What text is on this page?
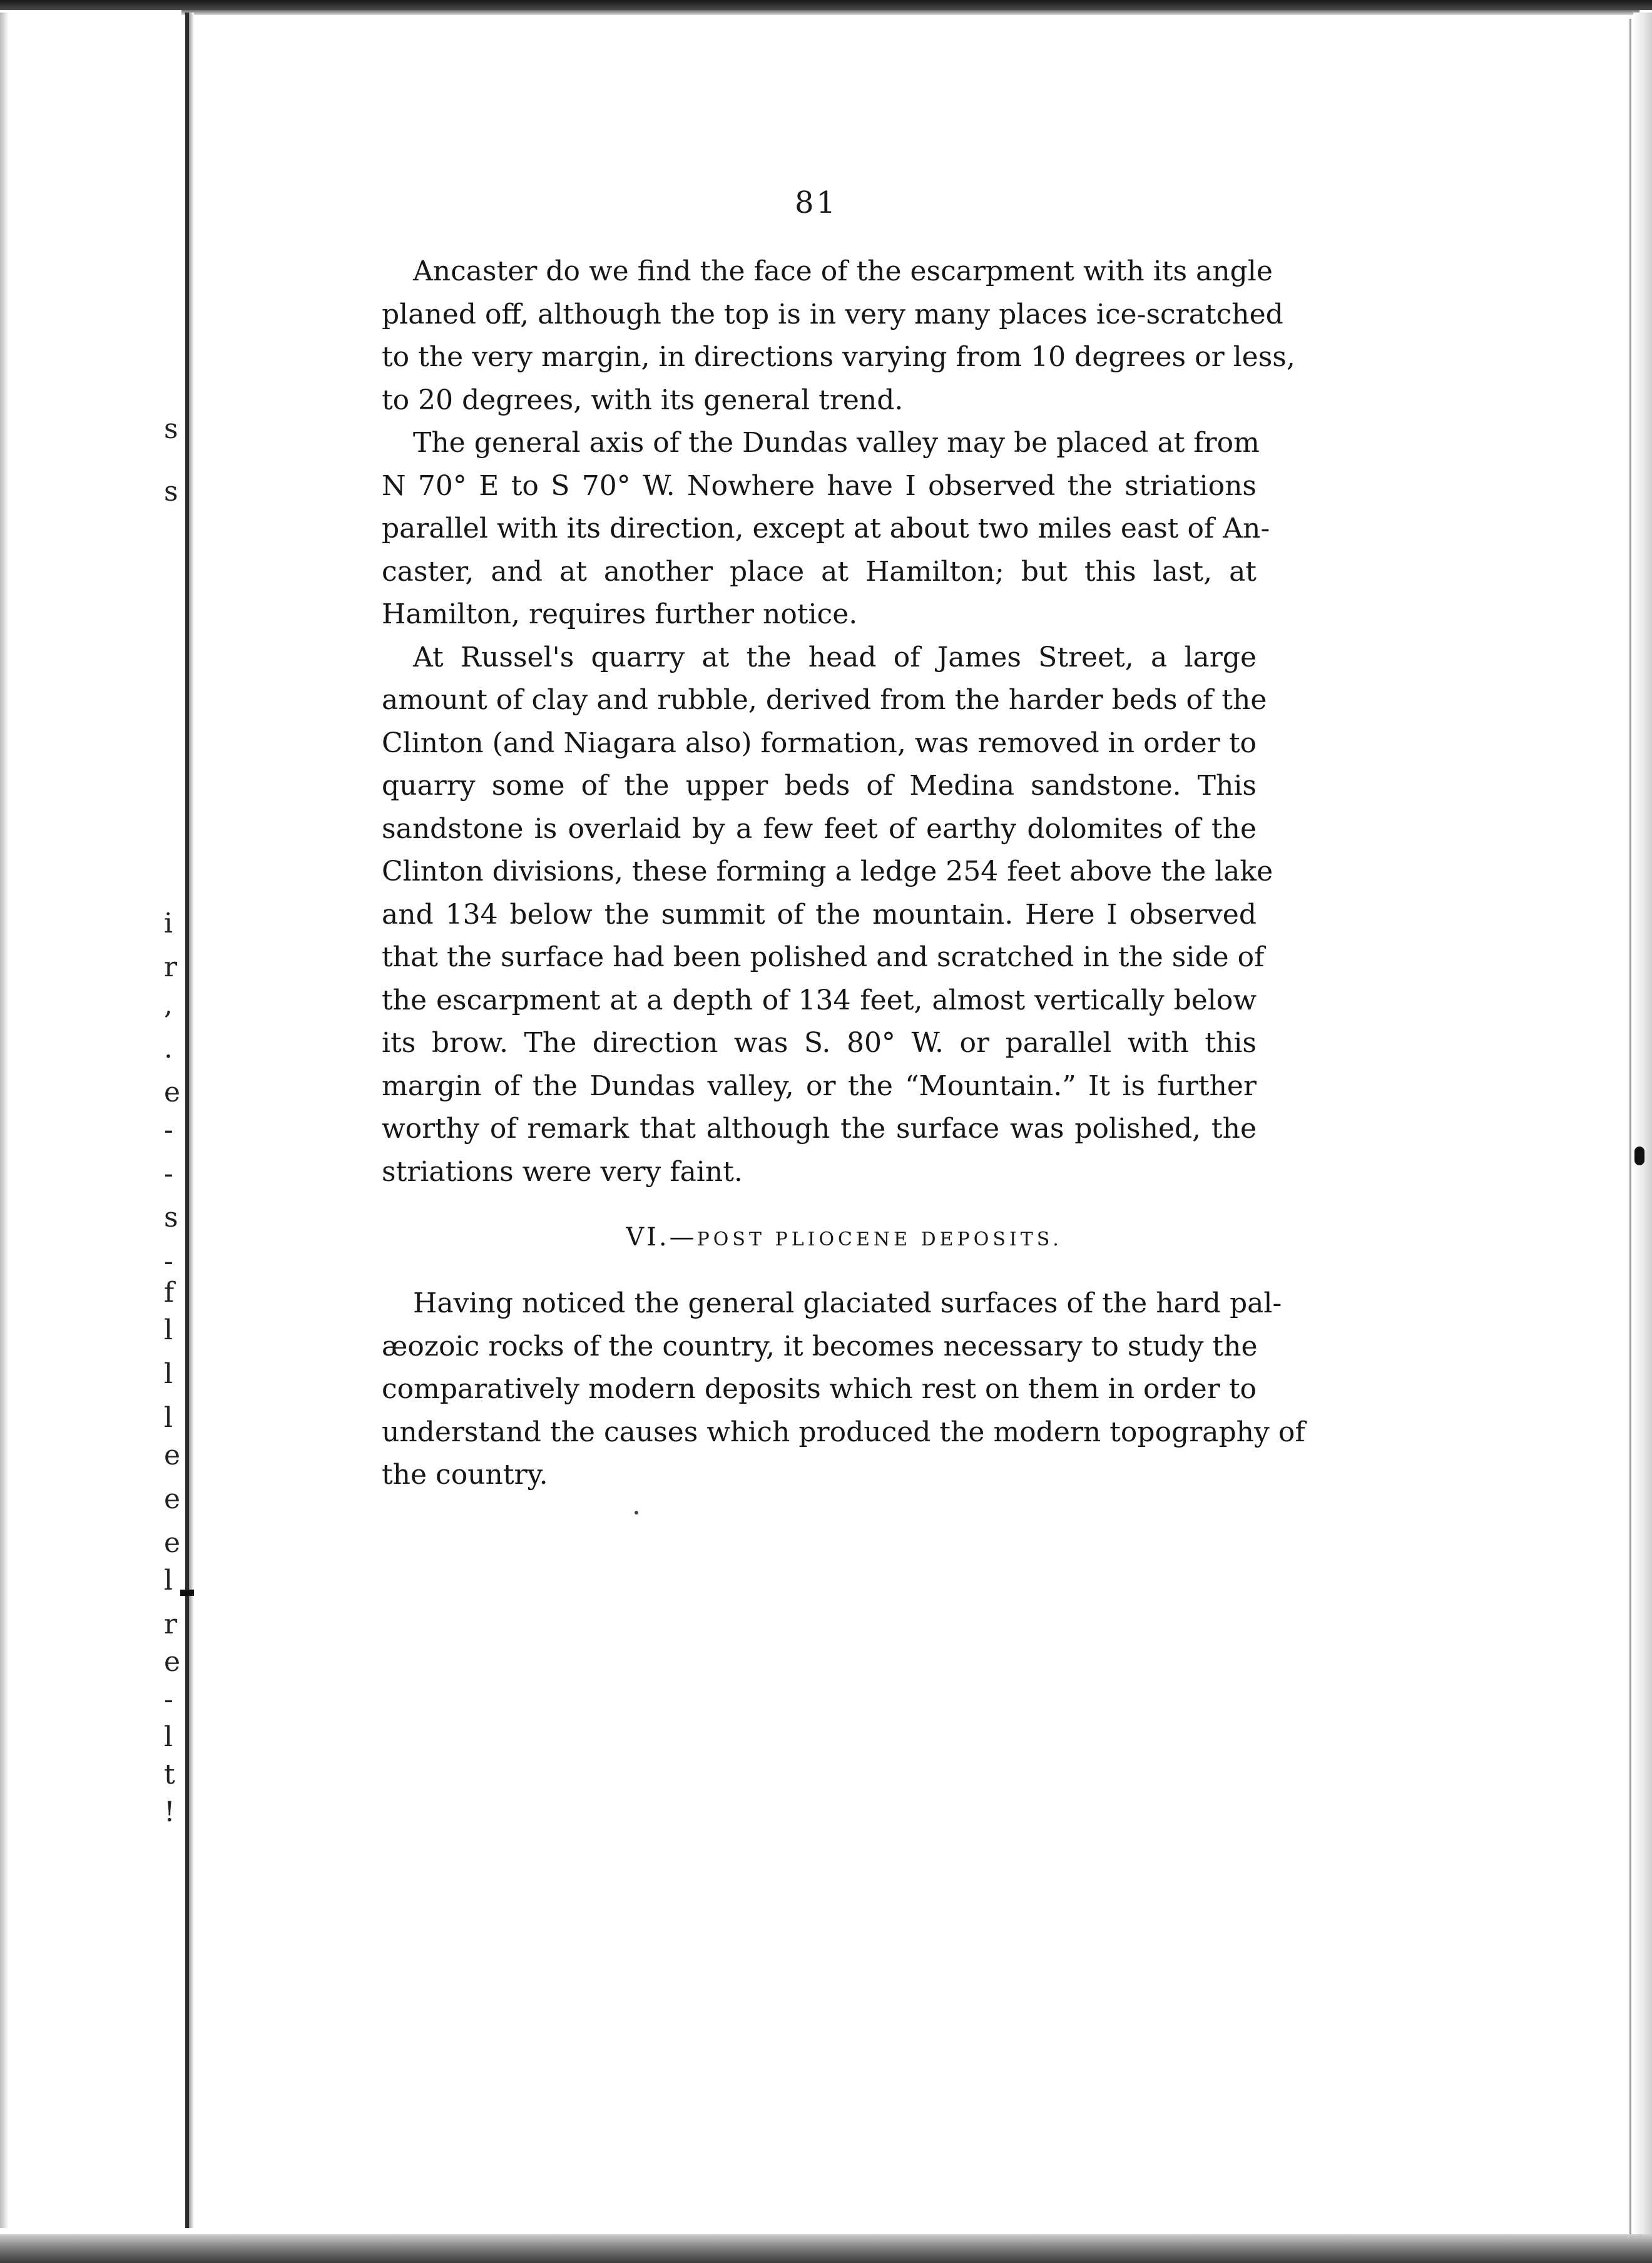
s
s
i
r
,
.
e
-
-
s
-
f
l
l
l
e
e
e
l
r
e
-
l
t
!
81
Ancaster do we find the face of the escarpment with its angle
planed off, although the top is in very many places ice-scratched
to the very margin, in directions varying from 10 degrees or less,
to 20 degrees, with its general trend.
The general axis of the Dundas valley may be placed at from
N 70° E to S 70° W. Nowhere have I observed the striations
parallel with its direction, except at about two miles east of An-
caster, and at another place at Hamilton; but this last, at
Hamilton, requires further notice.
At Russel's quarry at the head of James Street, a large
amount of clay and rubble, derived from the harder beds of the
Clinton (and Niagara also) formation, was removed in order to
quarry some of the upper beds of Medina sandstone. This
sandstone is overlaid by a few feet of earthy dolomites of the
Clinton divisions, these forming a ledge 254 feet above the lake
and 134 below the summit of the mountain. Here I observed
that the surface had been polished and scratched in the side of
the escarpment at a depth of 134 feet, almost vertically below
its brow. The direction was S. 80° W. or parallel with this
margin of the Dundas valley, or the “Mountain.” It is further
worthy of remark that although the surface was polished, the
striations were very faint.
VI.—POST PLIOCENE DEPOSITS.
Having noticed the general glaciated surfaces of the hard pal-
æozoic rocks of the country, it becomes necessary to study the
comparatively modern deposits which rest on them in order to
understand the causes which produced the modern topography of
the country.
